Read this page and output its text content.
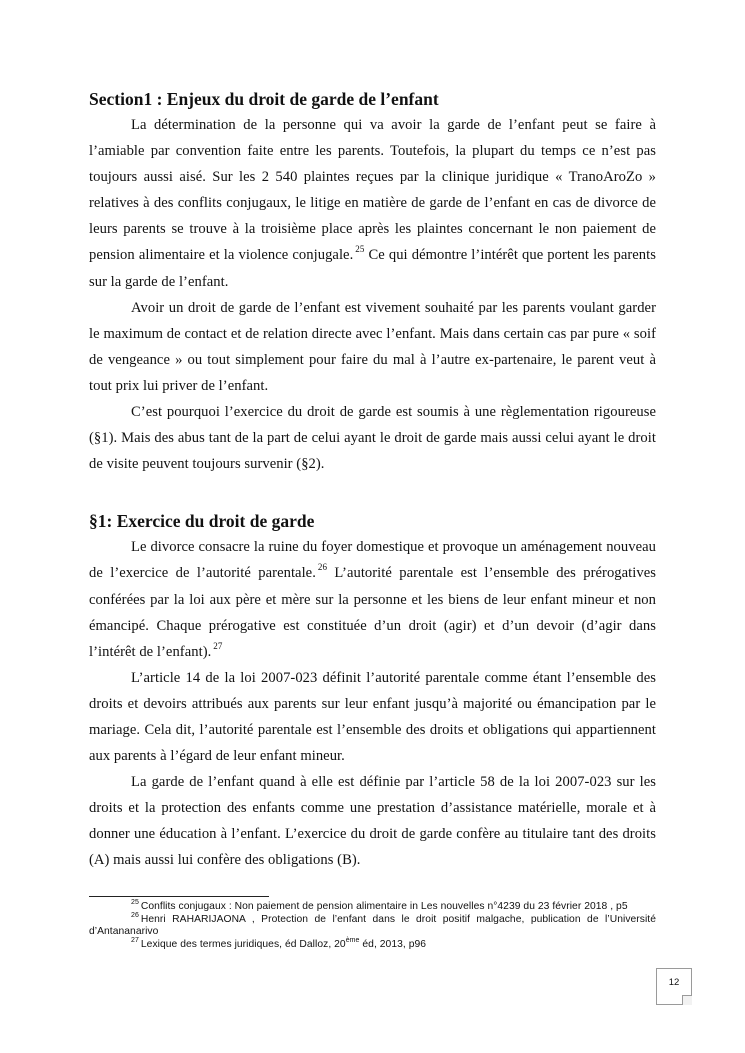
Section1 : Enjeux du droit de garde de l’enfant

La détermination de la personne qui va avoir la garde de l’enfant peut se faire à l’amiable par convention faite entre les parents. Toutefois, la plupart du temps ce n’est pas toujours aussi aisé. Sur les 2 540 plaintes reçues par la clinique juridique « TranoAroZo » relatives à des conflits conjugaux, le litige en matière de garde de l’enfant en cas de divorce de leurs parents se trouve à la troisième place après les plaintes concernant le non paiement de pension alimentaire et la violence conjugale. $^{25}$ Ce qui démontre l’intérêt que portent les parents sur la garde de l’enfant.

Avoir un droit de garde de l’enfant est vivement souhaité par les parents voulant garder le maximum de contact et de relation directe avec l’enfant. Mais dans certain cas par pure « soif de vengeance » ou tout simplement pour faire du mal à l’autre ex-partenaire, le parent veut à tout prix lui priver de l’enfant.

C’est pourquoi l’exercice du droit de garde est soumis à une règlementation rigoureuse (§1). Mais des abus tant de la part de celui ayant le droit de garde mais aussi celui ayant le droit de visite peuvent toujours survenir (§2).

§1: Exercice du droit de garde

Le divorce consacre la ruine du foyer domestique et provoque un aménagement nouveau de l’exercice de l’autorité parentale. $^{26}$ L’autorité parentale est l’ensemble des prérogatives conférées par la loi aux père et mère sur la personne et les biens de leur enfant mineur et non émancipé. Chaque prérogative est constituée d’un droit (agir) et d’un devoir (d’agir dans l’intérêt de l’enfant). $^{27}$

L’article 14 de la loi 2007-023 définit l’autorité parentale comme étant l’ensemble des droits et devoirs attribués aux parents sur leur enfant jusqu’à majorité ou émancipation par le mariage. Cela dit, l’autorité parentale est l’ensemble des droits et obligations qui appartiennent aux parents à l’égard de leur enfant mineur.

La garde de l’enfant quand à elle est définie par l’article 58 de la loi 2007-023 sur les droits et la protection des enfants comme une prestation d’assistance matérielle, morale et à donner une éducation à l’enfant. L’exercice du droit de garde confère au titulaire tant des droits (A) mais aussi lui confère des obligations (B).

$^{25}$ Conflits conjugaux : Non paiement de pension alimentaire in Les nouvelles n°4239 du 23 février 2018 , p5

$^{26}$ Henri RAHARIJAONA , Protection de l’enfant dans le droit positif malgache, publication de l’Université d’Antananarivo

$^{27}$ Lexique des termes juridiques, éd Dalloz, 20ème éd, 2013, p96

12
